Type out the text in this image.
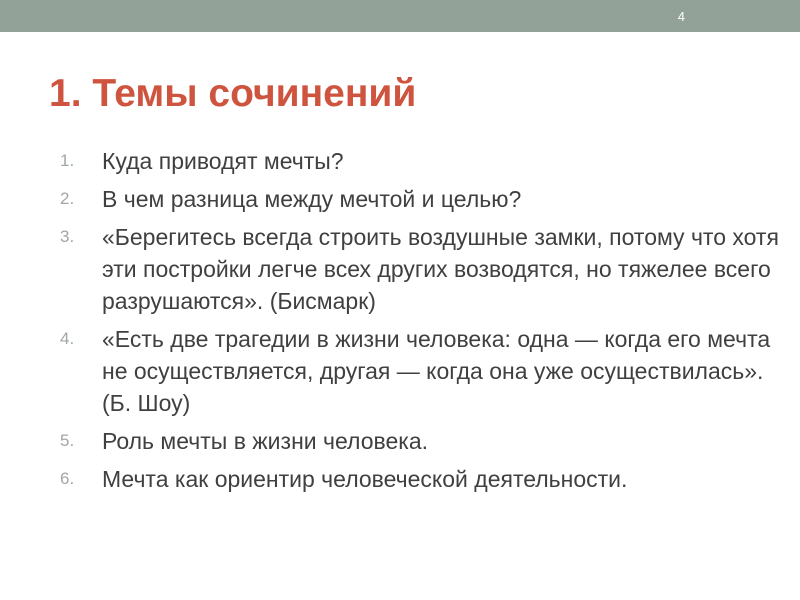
4
1. Темы сочинений
1.	Куда приводят мечты?
2.	В чем разница между мечтой и целью?
3.	«Берегитесь всегда строить воздушные замки, потому что хотя эти постройки легче всех других возводятся, но тяжелее всего разрушаются». (Бисмарк)
4.	«Есть две трагедии в жизни человека: одна — когда его мечта не осуществляется, другая — когда она уже осуществилась». (Б. Шоу)
5.	Роль мечты в жизни человека.
6.	Мечта как ориентир человеческой деятельности.
